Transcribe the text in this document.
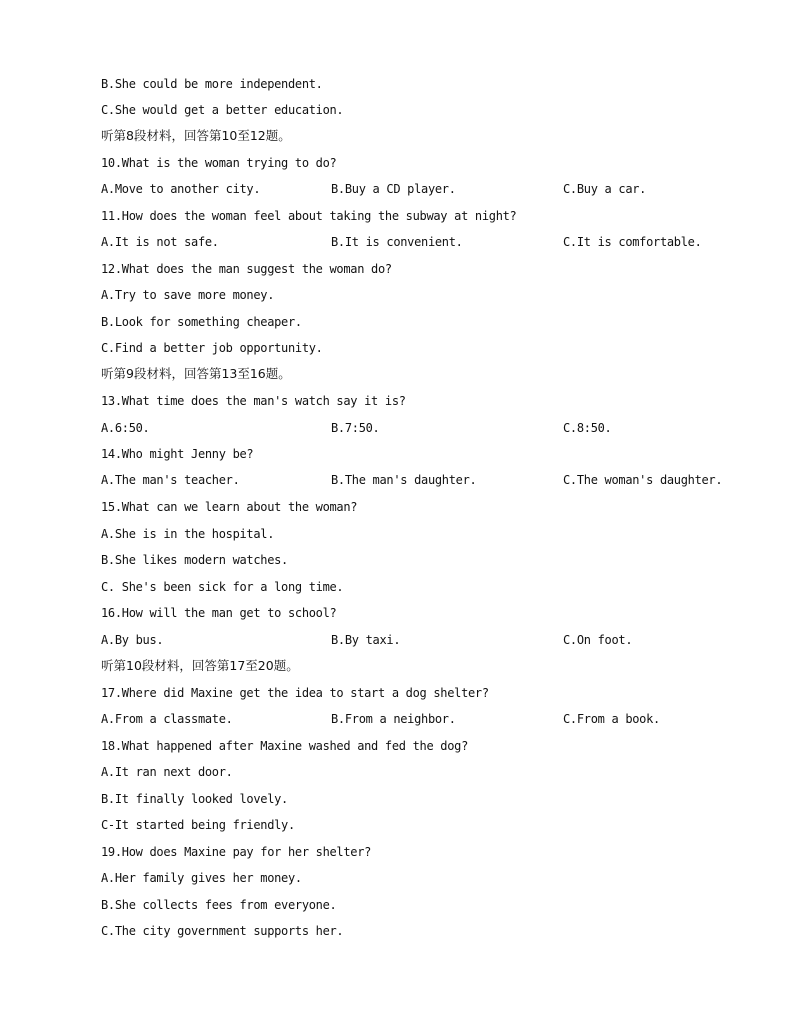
B.She could be more independent.
C.She would get a better education.
听第8段材料，回答第10至12题。
10.What is the woman trying to do?
A.Move to another city.	B.Buy a CD player.	C.Buy a car.
11.How does the woman feel about taking the subway at night?
A.It is not safe.	B.It is convenient.	C.It is comfortable.
12.What does the man suggest the woman do?
A.Try to save more money.
B.Look for something cheaper.
C.Find a better job opportunity.
听第9段材料，回答第13至16题。
13.What time does the man's watch say it is?
A.6:50.	B.7:50.	C.8:50.
14.Who might Jenny be?
A.The man's teacher.	B.The man's daughter.	C.The woman's daughter.
15.What can we learn about the woman?
A.She is in the hospital.
B.She likes modern watches.
C. She's been sick for a long time.
16.How will the man get to school?
A.By bus.	B.By taxi.	C.On foot.
听第10段材料，回答第17至20题。
17.Where did Maxine get the idea to start a dog shelter?
A.From a classmate.	B.From a neighbor.	C.From a book.
18.What happened after Maxine washed and fed the dog?
A.It ran next door.
B.It finally looked lovely.
C-It started being friendly.
19.How does Maxine pay for her shelter?
A.Her family gives her money.
B.She collects fees from everyone.
C.The city government supports her.
